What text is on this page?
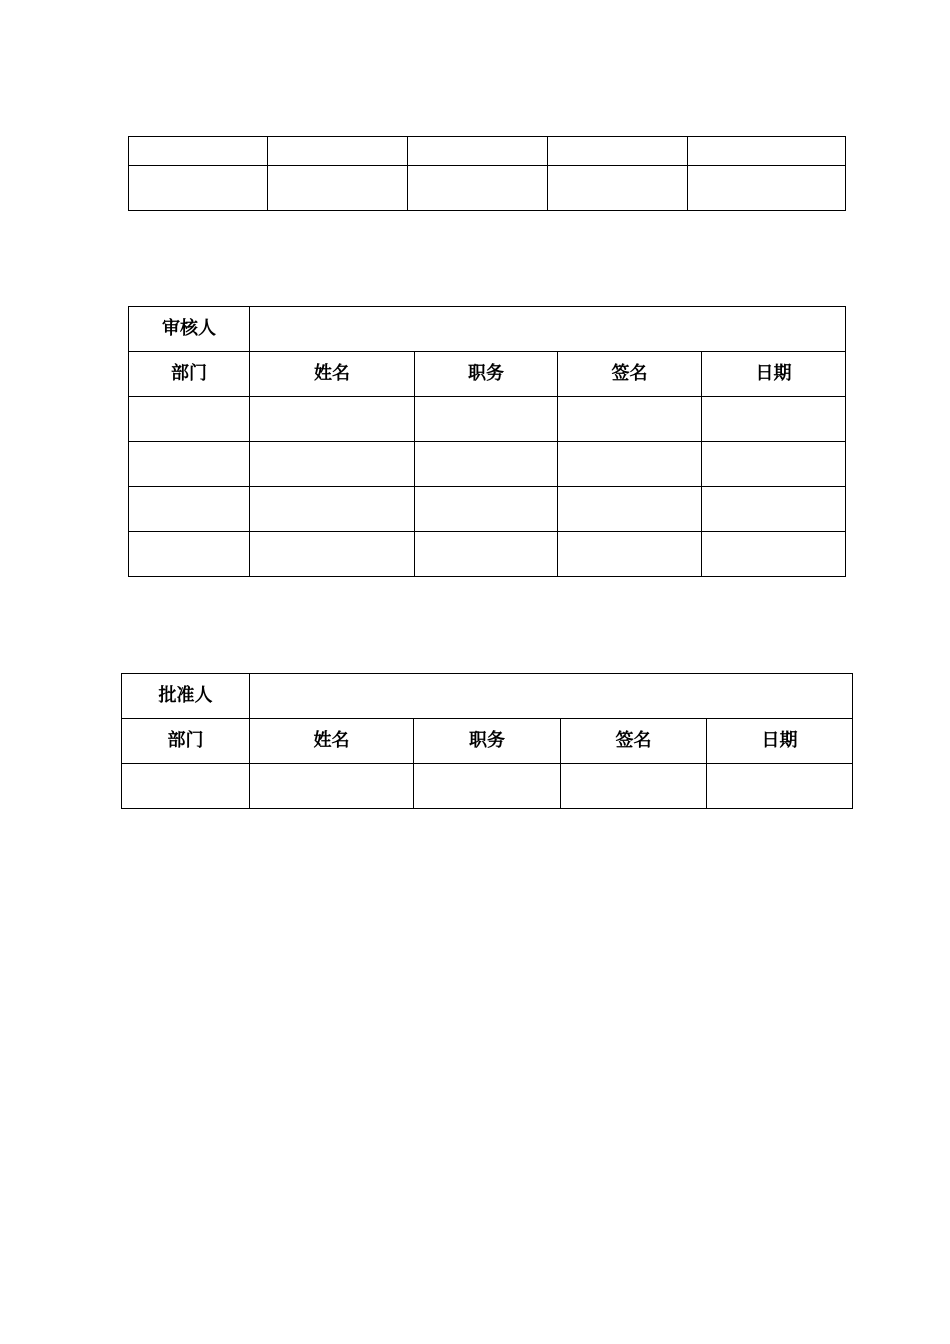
审核人				
部门	姓名	职务	签名	日期

批准人				
部门	姓名	职务	签名	日期
